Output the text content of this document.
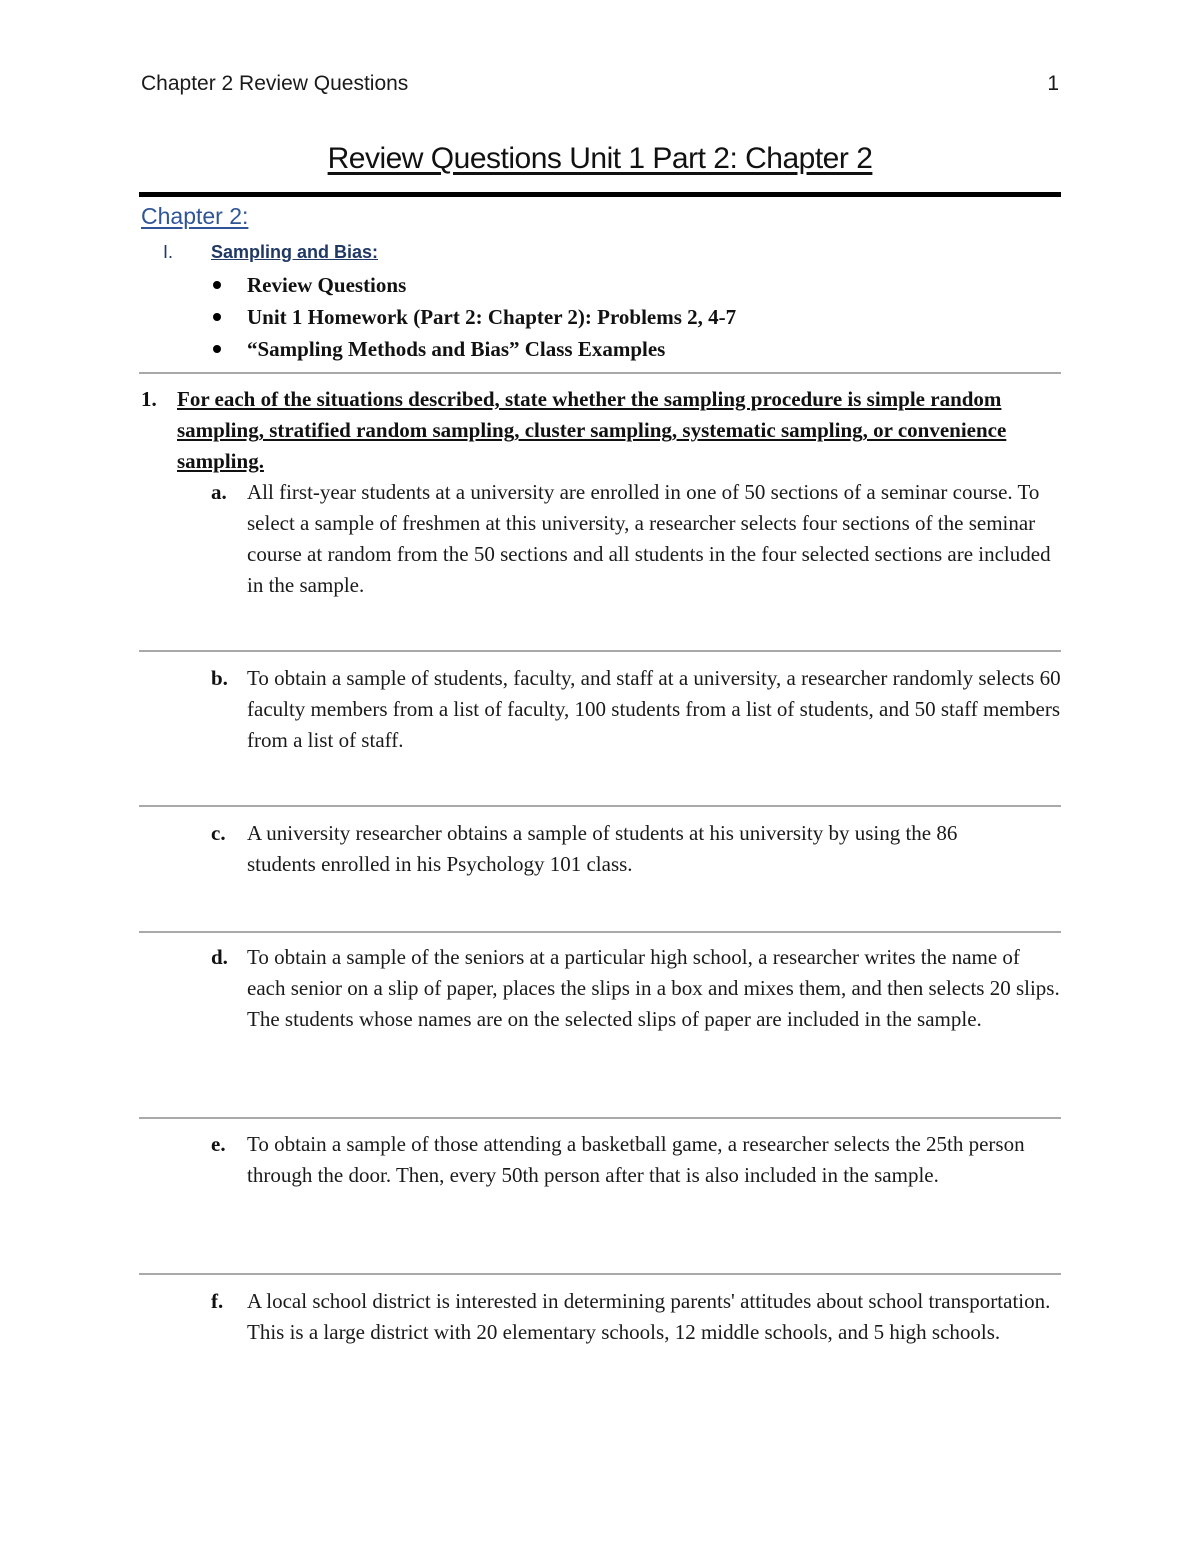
Chapter 2 Review Questions	1
Review Questions Unit 1 Part 2: Chapter 2
Chapter 2:
I. Sampling and Bias:
Review Questions
Unit 1 Homework (Part 2: Chapter 2): Problems 2, 4-7
“Sampling Methods and Bias” Class Examples
1. For each of the situations described, state whether the sampling procedure is simple random sampling, stratified random sampling, cluster sampling, systematic sampling, or convenience sampling.
a. All first-year students at a university are enrolled in one of 50 sections of a seminar course. To select a sample of freshmen at this university, a researcher selects four sections of the seminar course at random from the 50 sections and all students in the four selected sections are included in the sample.
b. To obtain a sample of students, faculty, and staff at a university, a researcher randomly selects 60 faculty members from a list of faculty, 100 students from a list of students, and 50 staff members from a list of staff.
c. A university researcher obtains a sample of students at his university by using the 86 students enrolled in his Psychology 101 class.
d. To obtain a sample of the seniors at a particular high school, a researcher writes the name of each senior on a slip of paper, places the slips in a box and mixes them, and then selects 20 slips. The students whose names are on the selected slips of paper are included in the sample.
e. To obtain a sample of those attending a basketball game, a researcher selects the 25th person through the door. Then, every 50th person after that is also included in the sample.
f. A local school district is interested in determining parents' attitudes about school transportation. This is a large district with 20 elementary schools, 12 middle schools, and 5 high schools.
